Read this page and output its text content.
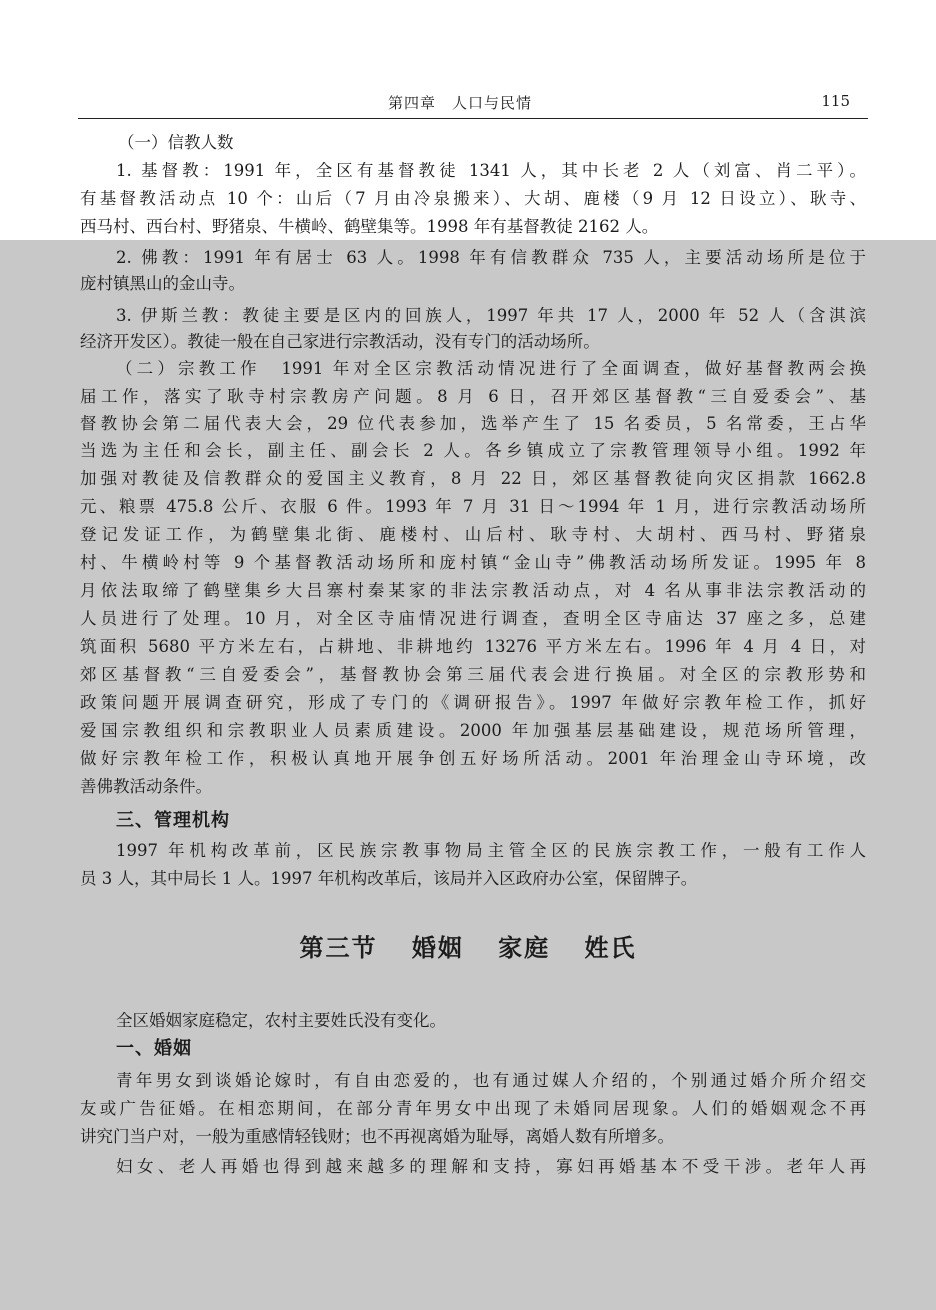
第四章　人口与民情	115
（一）信教人数
1. 基督教：1991 年，全区有基督教徒 1341 人，其中长老 2 人（刘富、肖二平）。
有基督教活动点 10 个：山后（7 月由冷泉搬来）、大胡、鹿楼（9 月 12 日设立）、耿寺、
西马村、西台村、野猪泉、牛横岭、鹤壁集等。1998 年有基督教徒 2162 人。
2. 佛教：1991 年有居士 63 人。1998 年有信教群众 735 人，主要活动场所是位于
庞村镇黑山的金山寺。
3. 伊斯兰教：教徒主要是区内的回族人，1997 年共 17 人，2000 年 52 人（含淇滨
经济开发区）。教徒一般在自己家进行宗教活动，没有专门的活动场所。
（二）宗教工作　1991 年对全区宗教活动情况进行了全面调查，做好基督教两会换
届工作，落实了耿寺村宗教房产问题。8 月 6 日，召开郊区基督教“三自爱委会”、基
督教协会第二届代表大会，29 位代表参加，选举产生了 15 名委员，5 名常委，王占华
当选为主任和会长，副主任、副会长 2 人。各乡镇成立了宗教管理领导小组。1992 年
加强对教徒及信教群众的爱国主义教育，8 月 22 日，郊区基督教徒向灾区捐款 1662.8
元、粮票 475.8 公斤、衣服 6 件。1993 年 7 月 31 日～1994 年 1 月，进行宗教活动场所
登记发证工作，为鹤壁集北街、鹿楼村、山后村、耿寺村、大胡村、西马村、野猪泉
村、牛横岭村等 9 个基督教活动场所和庞村镇“金山寺”佛教活动场所发证。1995 年 8
月依法取缔了鹤壁集乡大吕寨村秦某家的非法宗教活动点，对 4 名从事非法宗教活动的
人员进行了处理。10 月，对全区寺庙情况进行调查，查明全区寺庙达 37 座之多，总建
筑面积 5680 平方米左右，占耕地、非耕地约 13276 平方米左右。1996 年 4 月 4 日，对
郊区基督教“三自爱委会”，基督教协会第三届代表会进行换届。对全区的宗教形势和
政策问题开展调查研究，形成了专门的《调研报告》。1997 年做好宗教年检工作，抓好
爱国宗教组织和宗教职业人员素质建设。2000 年加强基层基础建设，规范场所管理，
做好宗教年检工作，积极认真地开展争创五好场所活动。2001 年治理金山寺环境，改
善佛教活动条件。
三、管理机构
1997 年机构改革前，区民族宗教事物局主管全区的民族宗教工作，一般有工作人
员 3 人，其中局长 1 人。1997 年机构改革后，该局并入区政府办公室，保留牌子。
第三节 婚姻 家庭 姓氏
全区婚姻家庭稳定，农村主要姓氏没有变化。
一、婚姻
青年男女到谈婚论嫁时，有自由恋爱的，也有通过媒人介绍的，个别通过婚介所介绍交
友或广告征婚。在相恋期间，在部分青年男女中出现了未婚同居现象。人们的婚姻观念不再
讲究门当户对，一般为重感情轻钱财；也不再视离婚为耻辱，离婚人数有所增多。
妇女、老人再婚也得到越来越多的理解和支持，寡妇再婚基本不受干涉。老年人再
